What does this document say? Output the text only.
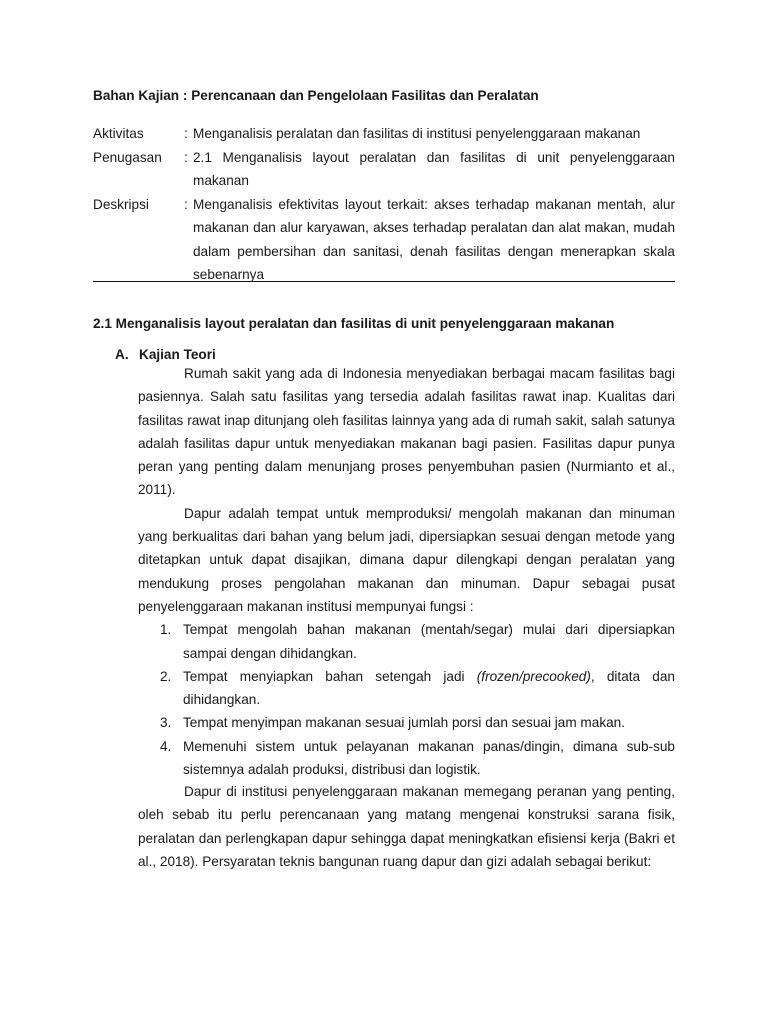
Bahan Kajian : Perencanaan dan Pengelolaan Fasilitas dan Peralatan
Aktivitas	: Menganalisis peralatan dan fasilitas di institusi penyelenggaraan makanan
Penugasan	: 2.1 Menganalisis layout peralatan dan fasilitas di unit penyelenggaraan makanan
Deskripsi	: Menganalisis efektivitas layout terkait: akses terhadap makanan mentah, alur makanan dan alur karyawan, akses terhadap peralatan dan alat makan, mudah dalam pembersihan dan sanitasi, denah fasilitas dengan menerapkan skala sebenarnya
2.1 Menganalisis layout peralatan dan fasilitas di unit penyelenggaraan makanan
A. Kajian Teori

Rumah sakit yang ada di Indonesia menyediakan berbagai macam fasilitas bagi pasiennya. Salah satu fasilitas yang tersedia adalah fasilitas rawat inap. Kualitas dari fasilitas rawat inap ditunjang oleh fasilitas lainnya yang ada di rumah sakit, salah satunya adalah fasilitas dapur untuk menyediakan makanan bagi pasien. Fasilitas dapur punya peran yang penting dalam menunjang proses penyembuhan pasien (Nurmianto et al., 2011).

Dapur adalah tempat untuk memproduksi/ mengolah makanan dan minuman yang berkualitas dari bahan yang belum jadi, dipersiapkan sesuai dengan metode yang ditetapkan untuk dapat disajikan, dimana dapur dilengkapi dengan peralatan yang mendukung proses pengolahan makanan dan minuman. Dapur sebagai pusat penyelenggaraan makanan institusi mempunyai fungsi :

1. Tempat mengolah bahan makanan (mentah/segar) mulai dari dipersiapkan sampai dengan dihidangkan.
2. Tempat menyiapkan bahan setengah jadi (frozen/precooked), ditata dan dihidangkan.
3. Tempat menyimpan makanan sesuai jumlah porsi dan sesuai jam makan.
4. Memenuhi sistem untuk pelayanan makanan panas/dingin, dimana sub-sub sistemnya adalah produksi, distribusi dan logistik.

Dapur di institusi penyelenggaraan makanan memegang peranan yang penting, oleh sebab itu perlu perencanaan yang matang mengenai konstruksi sarana fisik, peralatan dan perlengkapan dapur sehingga dapat meningkatkan efisiensi kerja (Bakri et al., 2018). Persyaratan teknis bangunan ruang dapur dan gizi adalah sebagai berikut:
